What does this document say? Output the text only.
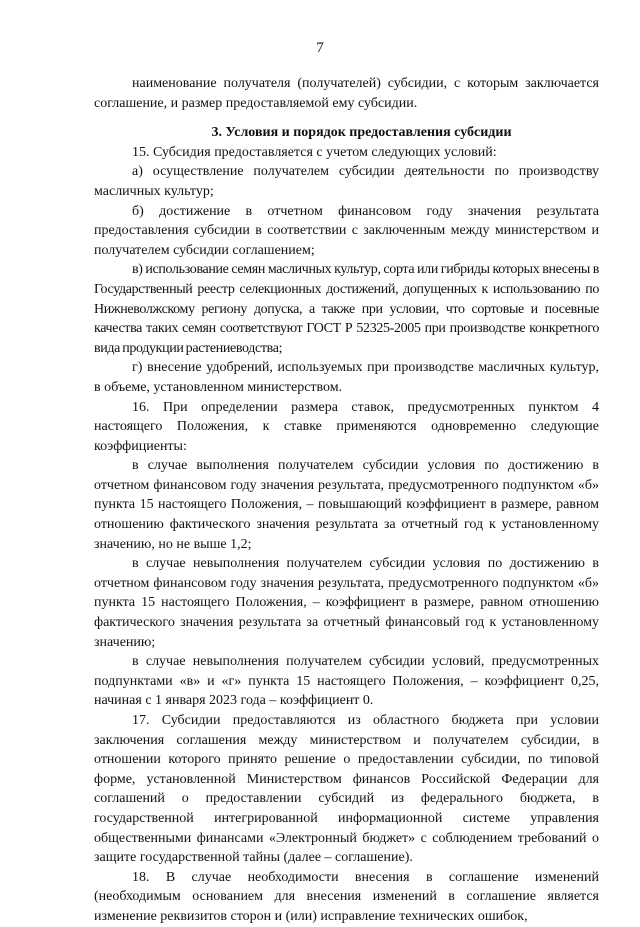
7

наименование получателя (получателей) субсидии, с которым заключается соглашение, и размер предоставляемой ему субсидии.

3. Условия и порядок предоставления субсидии

15. Субсидия предоставляется с учетом следующих условий:

а) осуществление получателем субсидии деятельности по производству масличных культур;

б) достижение в отчетном финансовом году значения результата предоставления субсидии в соответствии с заключенным между министерством и получателем субсидии соглашением;

в) использование семян масличных культур, сорта или гибриды которых внесены в Государственный реестр селекционных достижений, допущенных к использованию по Нижневолжскому региону допуска, а также при условии, что сортовые и посевные качества таких семян соответствуют ГОСТ Р 52325-2005 при производстве конкретного вида продукции растениеводства;

г) внесение удобрений, используемых при производстве масличных культур, в объеме, установленном министерством.

16. При определении размера ставок, предусмотренных пунктом 4 настоящего Положения, к ставке применяются одновременно следующие коэффициенты:

в случае выполнения получателем субсидии условия по достижению в отчетном финансовом году значения результата, предусмотренного подпунктом «б» пункта 15 настоящего Положения, – повышающий коэффициент в размере, равном отношению фактического значения результата за отчетный год к установленному значению, но не выше 1,2;

в случае невыполнения получателем субсидии условия по достижению в отчетном финансовом году значения результата, предусмотренного подпунктом «б» пункта 15 настоящего Положения, – коэффициент в размере, равном отношению фактического значения результата за отчетный финансовый год к установленному значению;

в случае невыполнения получателем субсидии условий, предусмотренных подпунктами «в» и «г» пункта 15 настоящего Положения, – коэффициент 0,25, начиная с 1 января 2023 года – коэффициент 0.

17. Субсидии предоставляются из областного бюджета при условии заключения соглашения между министерством и получателем субсидии, в отношении которого принято решение о предоставлении субсидии, по типовой форме, установленной Министерством финансов Российской Федерации для соглашений о предоставлении субсидий из федерального бюджета, в государственной интегрированной информационной системе управления общественными финансами «Электронный бюджет» с соблюдением требований о защите государственной тайны (далее – соглашение).

18. В случае необходимости внесения в соглашение изменений (необходимым основанием для внесения изменений в соглашение является изменение реквизитов сторон и (или) исправление технических ошибок,
